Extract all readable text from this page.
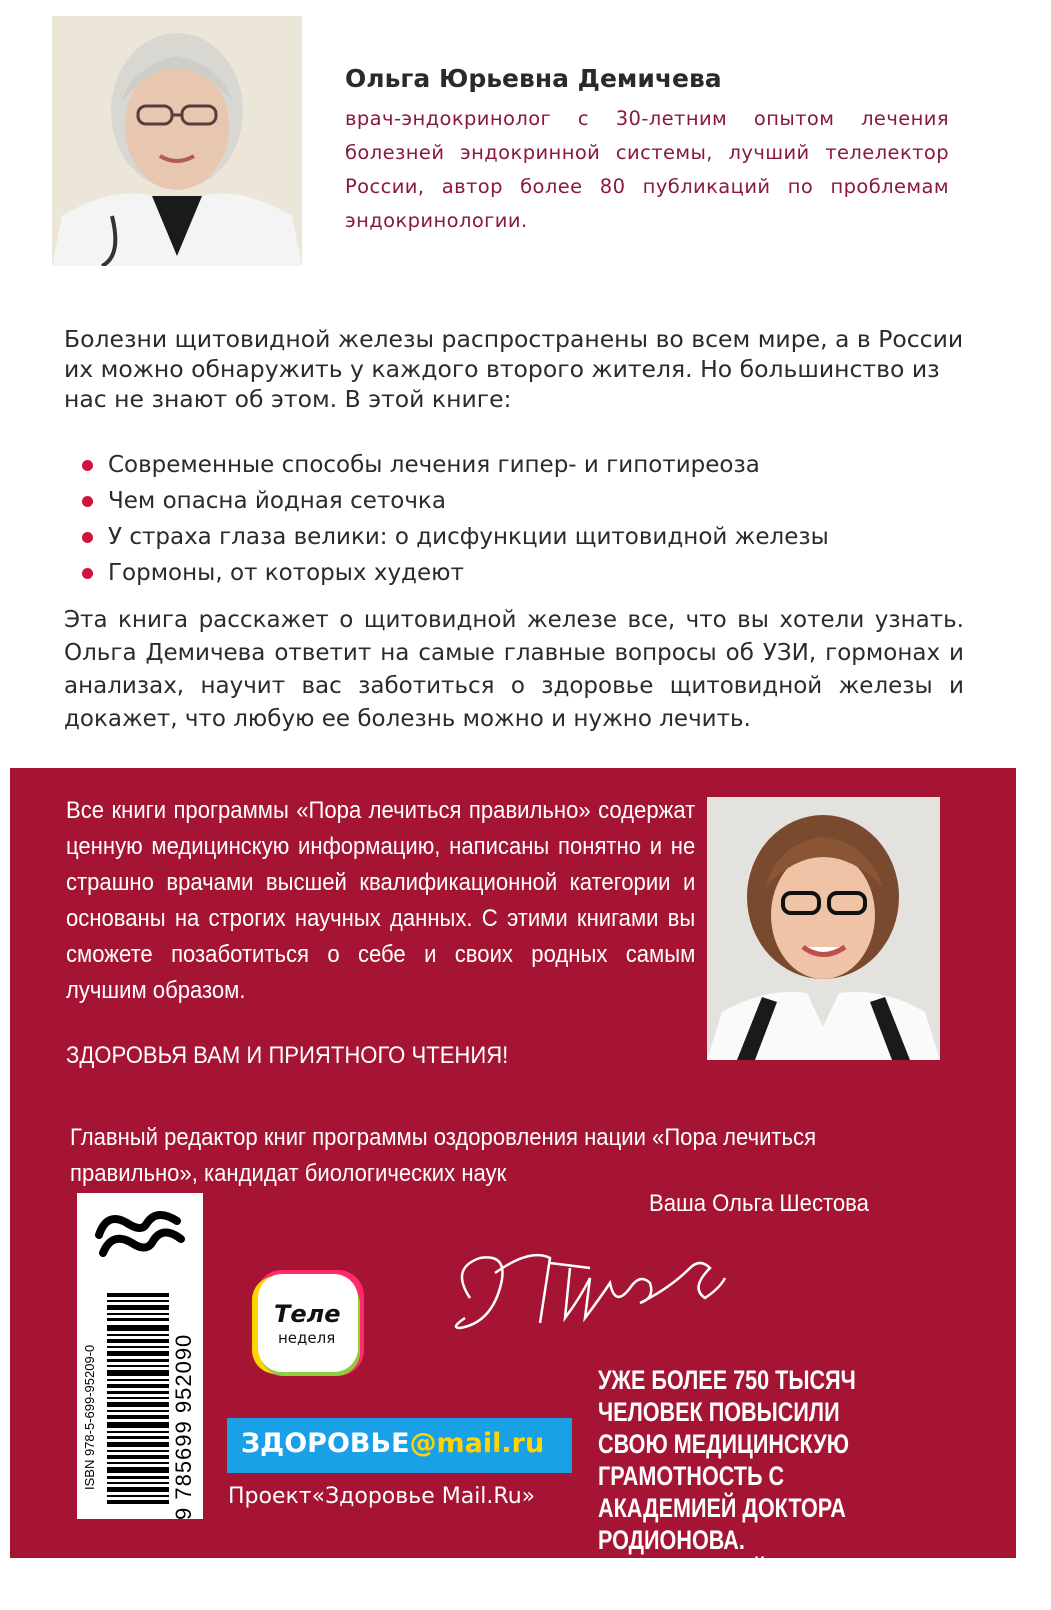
Ольга Юрьевна Демичева
врач-эндокринолог с 30-летним опытом лечения болезней эндокринной системы, лучший телелектор России, автор более 80 публикаций по проблемам эндокринологии.
Болезни щитовидной железы распространены во всем мире, а в России их можно обнаружить у каждого второго жителя. Но большинство из нас не знают об этом. В этой книге:
Современные способы лечения гипер- и гипотиреоза
Чем опасна йодная сеточка
У страха глаза велики: о дисфункции щитовидной железы
Гормоны, от которых худеют
Эта книга расскажет о щитовидной железе все, что вы хотели узнать. Ольга Демичева ответит на самые главные вопросы об УЗИ, гормонах и анализах, научит вас заботиться о здоровье щитовидной железы и докажет, что любую ее болезнь можно и нужно лечить.
Все книги программы «Пора лечиться правильно» содержат ценную медицинскую информацию, написаны понятно и не страшно врачами высшей квалификационной категории и основаны на строгих научных данных. С этими книгами вы сможете позаботиться о себе и своих родных самым лучшим образом.
ЗДОРОВЬЯ ВАМ И ПРИЯТНОГО ЧТЕНИЯ!
Главный редактор книг программы оздоровления нации «Пора лечиться правильно», кандидат биологических наук
Ваша Ольга Шестова
ISBN 978-5-699-95209-0	9 785699 952090
Теле
неделя
ЗДОРОВЬЕ@mail.ru
Проект«Здоровье Mail.Ru»
УЖЕ БОЛЕЕ 750 ТЫСЯЧ ЧЕЛОВЕК ПОВЫСИЛИ СВОЮ МЕДИЦИНСКУЮ ГРАМОТНОСТЬ С АКАДЕМИЕЙ ДОКТОРА РОДИОНОВА. ПРИСОЕДИНЯЙТЕСЬ!
